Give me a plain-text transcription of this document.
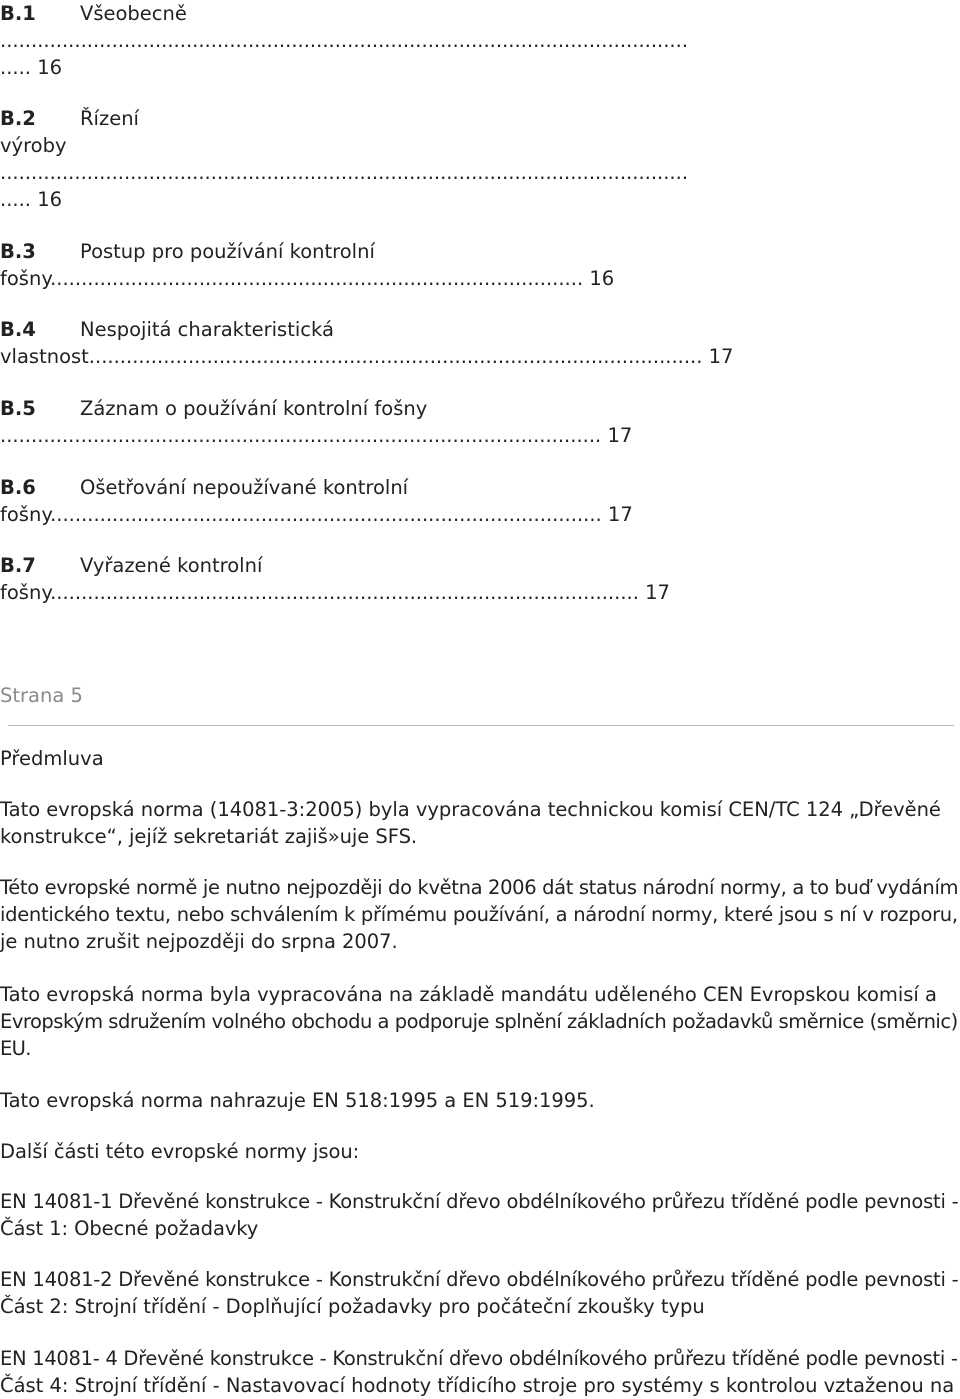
B.1 Všeobecně
...............................................................................................................
..... 16
B.2 Řízení
výroby
...............................................................................................................
..... 16
B.3 Postup pro používání kontrolní
fošny...................................................................................... 16
B.4 Nespojitá charakteristická
vlastnost................................................................................................... 17
B.5 Záznam o používání kontrolní fošny
................................................................................................. 17
B.6 Ošetřování nepoužívané kontrolní
fošny......................................................................................... 17
B.7 Vyřazené kontrolní
fošny............................................................................................... 17
Strana 5
Předmluva
Tato evropská norma (14081-3:2005) byla vypracována technickou komisí CEN/TC 124 „Dřevěné
konstrukce“, jejíž sekretariát zajiš»uje SFS.
Této evropské normě je nutno nejpozději do května 2006 dát status národní normy, a to buď vydáním
identického textu, nebo schválením k přímému používání, a národní normy, které jsou s ní v rozporu,
je nutno zrušit nejpozději do srpna 2007.
Tato evropská norma byla vypracována na základě mandátu uděleného CEN Evropskou komisí a
Evropským sdružením volného obchodu a podporuje splnění základních požadavků směrnice (směrnic)
EU.
Tato evropská norma nahrazuje EN 518:1995 a EN 519:1995.
Další části této evropské normy jsou:
EN 14081-1 Dřevěné konstrukce - Konstrukční dřevo obdélníkového průřezu tříděné podle pevnosti -
Část 1: Obecné požadavky
EN 14081-2 Dřevěné konstrukce - Konstrukční dřevo obdélníkového průřezu tříděné podle pevnosti -
Část 2: Strojní třídění - Doplňující požadavky pro počáteční zkoušky typu
EN 14081- 4 Dřevěné konstrukce - Konstrukční dřevo obdélníkového průřezu tříděné podle pevnosti -
Část 4: Strojní třídění - Nastavovací hodnoty třídicího stroje pro systémy s kontrolou vztaženou na
